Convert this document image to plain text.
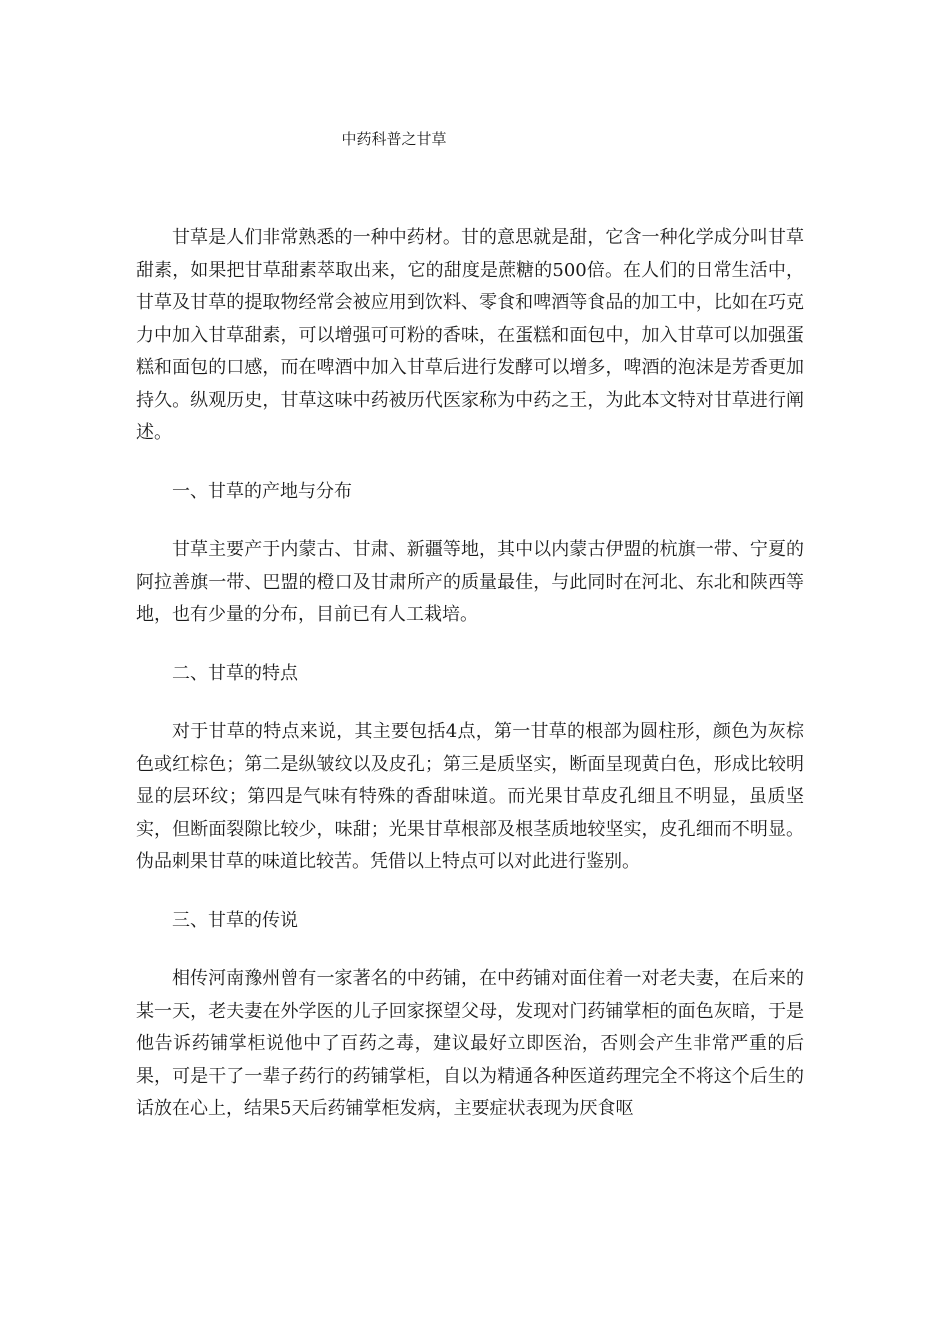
中药科普之甘草

甘草是人们非常熟悉的一种中药材。甘的意思就是甜，它含一种化学成分叫甘草甜素，如果把甘草甜素萃取出来，它的甜度是蔗糖的500倍。在人们的日常生活中，甘草及甘草的提取物经常会被应用到饮料、零食和啤酒等食品的加工中，比如在巧克力中加入甘草甜素，可以增强可可粉的香味，在蛋糕和面包中，加入甘草可以加强蛋糕和面包的口感，而在啤酒中加入甘草后进行发酵可以增多，啤酒的泡沫是芳香更加持久。纵观历史，甘草这味中药被历代医家称为中药之王，为此本文特对甘草进行阐述。

一、甘草的产地与分布

甘草主要产于内蒙古、甘肃、新疆等地，其中以内蒙古伊盟的杭旗一带、宁夏的阿拉善旗一带、巴盟的橙口及甘肃所产的质量最佳，与此同时在河北、东北和陕西等地，也有少量的分布，目前已有人工栽培。

二、甘草的特点

对于甘草的特点来说，其主要包括4点，第一甘草的根部为圆柱形，颜色为灰棕色或红棕色；第二是纵皱纹以及皮孔；第三是质坚实，断面呈现黄白色，形成比较明显的层环纹；第四是气味有特殊的香甜味道。而光果甘草皮孔细且不明显，虽质坚实，但断面裂隙比较少，味甜；光果甘草根部及根茎质地较坚实，皮孔细而不明显。伪品刺果甘草的味道比较苦。凭借以上特点可以对此进行鉴别。

三、甘草的传说

相传河南豫州曾有一家著名的中药铺，在中药铺对面住着一对老夫妻，在后来的某一天，老夫妻在外学医的儿子回家探望父母，发现对门药铺掌柜的面色灰暗，于是他告诉药铺掌柜说他中了百药之毒，建议最好立即医治，否则会产生非常严重的后果，可是干了一辈子药行的药铺掌柜，自以为精通各种医道药理完全不将这个后生的话放在心上，结果5天后药铺掌柜发病，主要症状表现为厌食呕
